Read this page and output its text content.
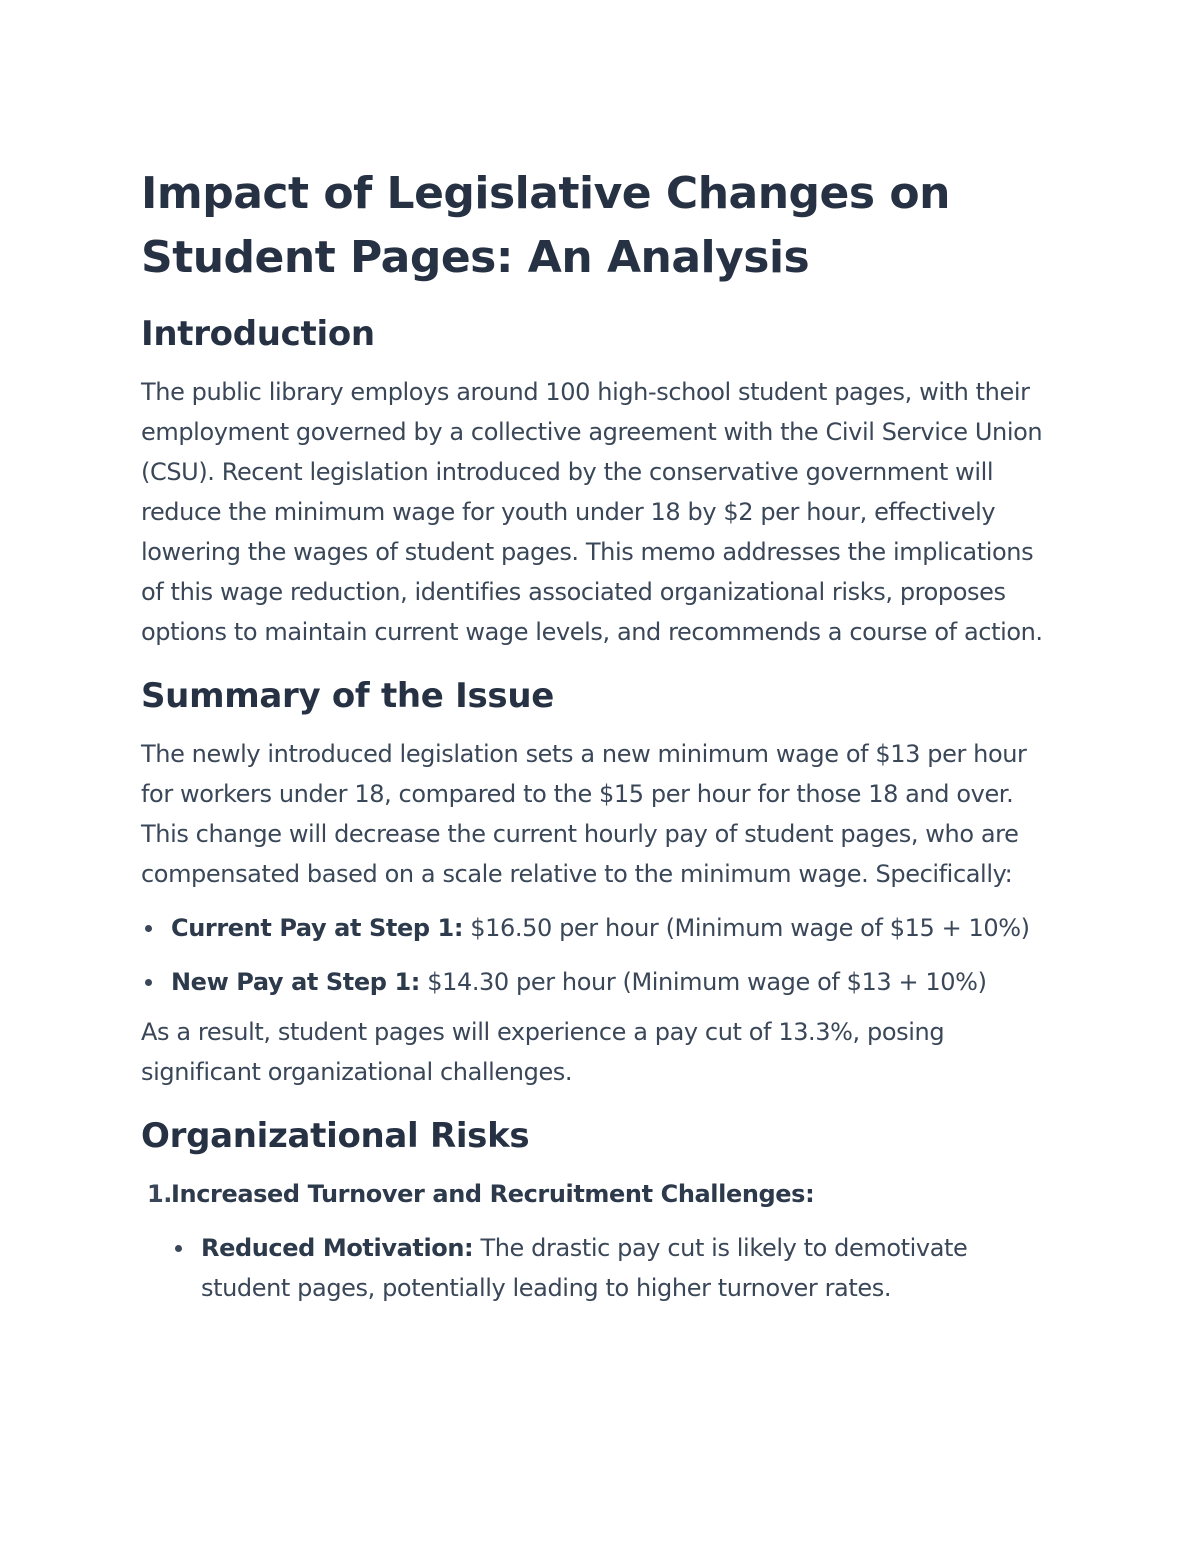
Impact of Legislative Changes on Student Pages: An Analysis
Introduction

The public library employs around 100 high-school student pages, with their employment governed by a collective agreement with the Civil Service Union (CSU). Recent legislation introduced by the conservative government will reduce the minimum wage for youth under 18 by $2 per hour, effectively lowering the wages of student pages. This memo addresses the implications of this wage reduction, identifies associated organizational risks, proposes options to maintain current wage levels, and recommends a course of action.

Summary of the Issue

The newly introduced legislation sets a new minimum wage of $13 per hour for workers under 18, compared to the $15 per hour for those 18 and over. This change will decrease the current hourly pay of student pages, who are compensated based on a scale relative to the minimum wage. Specifically:

Current Pay at Step 1: $16.50 per hour (Minimum wage of $15 + 10%)
New Pay at Step 1: $14.30 per hour (Minimum wage of $13 + 10%)

As a result, student pages will experience a pay cut of 13.3%, posing significant organizational challenges.

Organizational Risks
1.
Increased Turnover and Recruitment Challenges:
Reduced Motivation: The drastic pay cut is likely to demotivate student pages, potentially leading to higher turnover rates.
